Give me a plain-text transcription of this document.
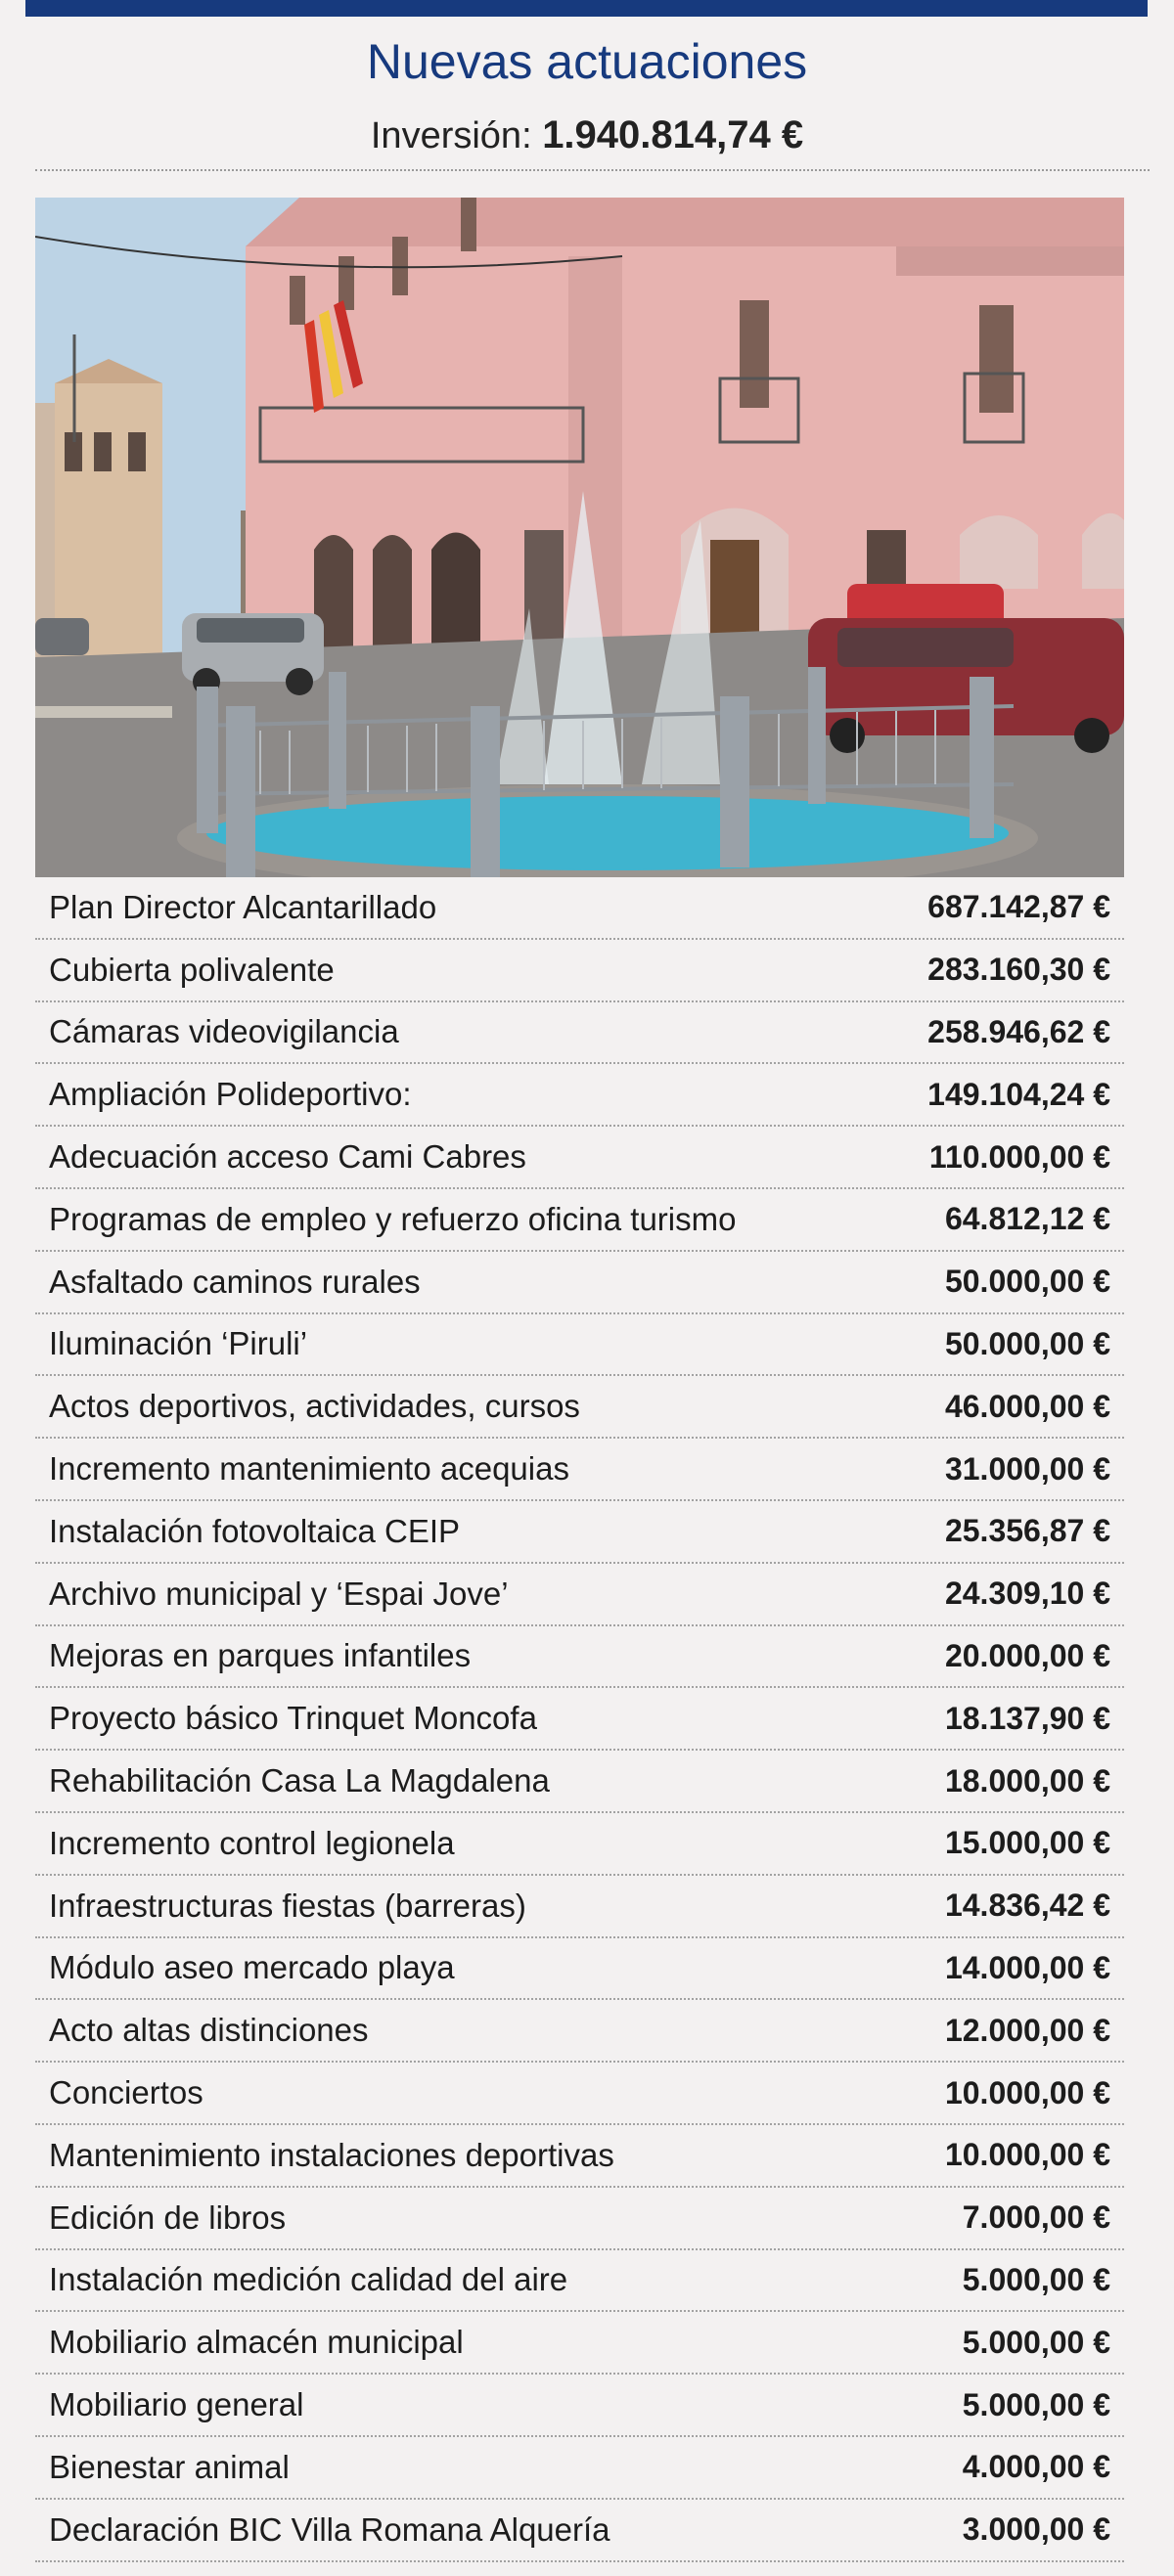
Nuevas actuaciones
Inversión: 1.940.814,74 €
Plan Director Alcantarillado	687.142,87 €
Cubierta polivalente	283.160,30 €
Cámaras videovigilancia	258.946,62 €
Ampliación Polideportivo:	149.104,24 €
Adecuación acceso Cami Cabres	110.000,00 €
Programas de empleo y refuerzo oficina turismo	64.812,12 €
Asfaltado caminos rurales	50.000,00 €
Iluminación ‘Piruli’	50.000,00 €
Actos deportivos, actividades, cursos	46.000,00 €
Incremento mantenimiento acequias	31.000,00 €
Instalación fotovoltaica CEIP	25.356,87 €
Archivo municipal y ‘Espai Jove’	24.309,10 €
Mejoras en parques infantiles	20.000,00 €
Proyecto básico Trinquet Moncofa	18.137,90 €
Rehabilitación Casa La Magdalena	18.000,00 €
Incremento control legionela	15.000,00 €
Infraestructuras fiestas (barreras)	14.836,42 €
Módulo aseo mercado playa	14.000,00 €
Acto altas distinciones	12.000,00 €
Conciertos	10.000,00 €
Mantenimiento instalaciones deportivas	10.000,00 €
Edición de libros	7.000,00 €
Instalación medición calidad del aire	5.000,00 €
Mobiliario almacén municipal	5.000,00 €
Mobiliario general	5.000,00 €
Bienestar animal	4.000,00 €
Declaración BIC Villa Romana Alquería	3.000,00 €
